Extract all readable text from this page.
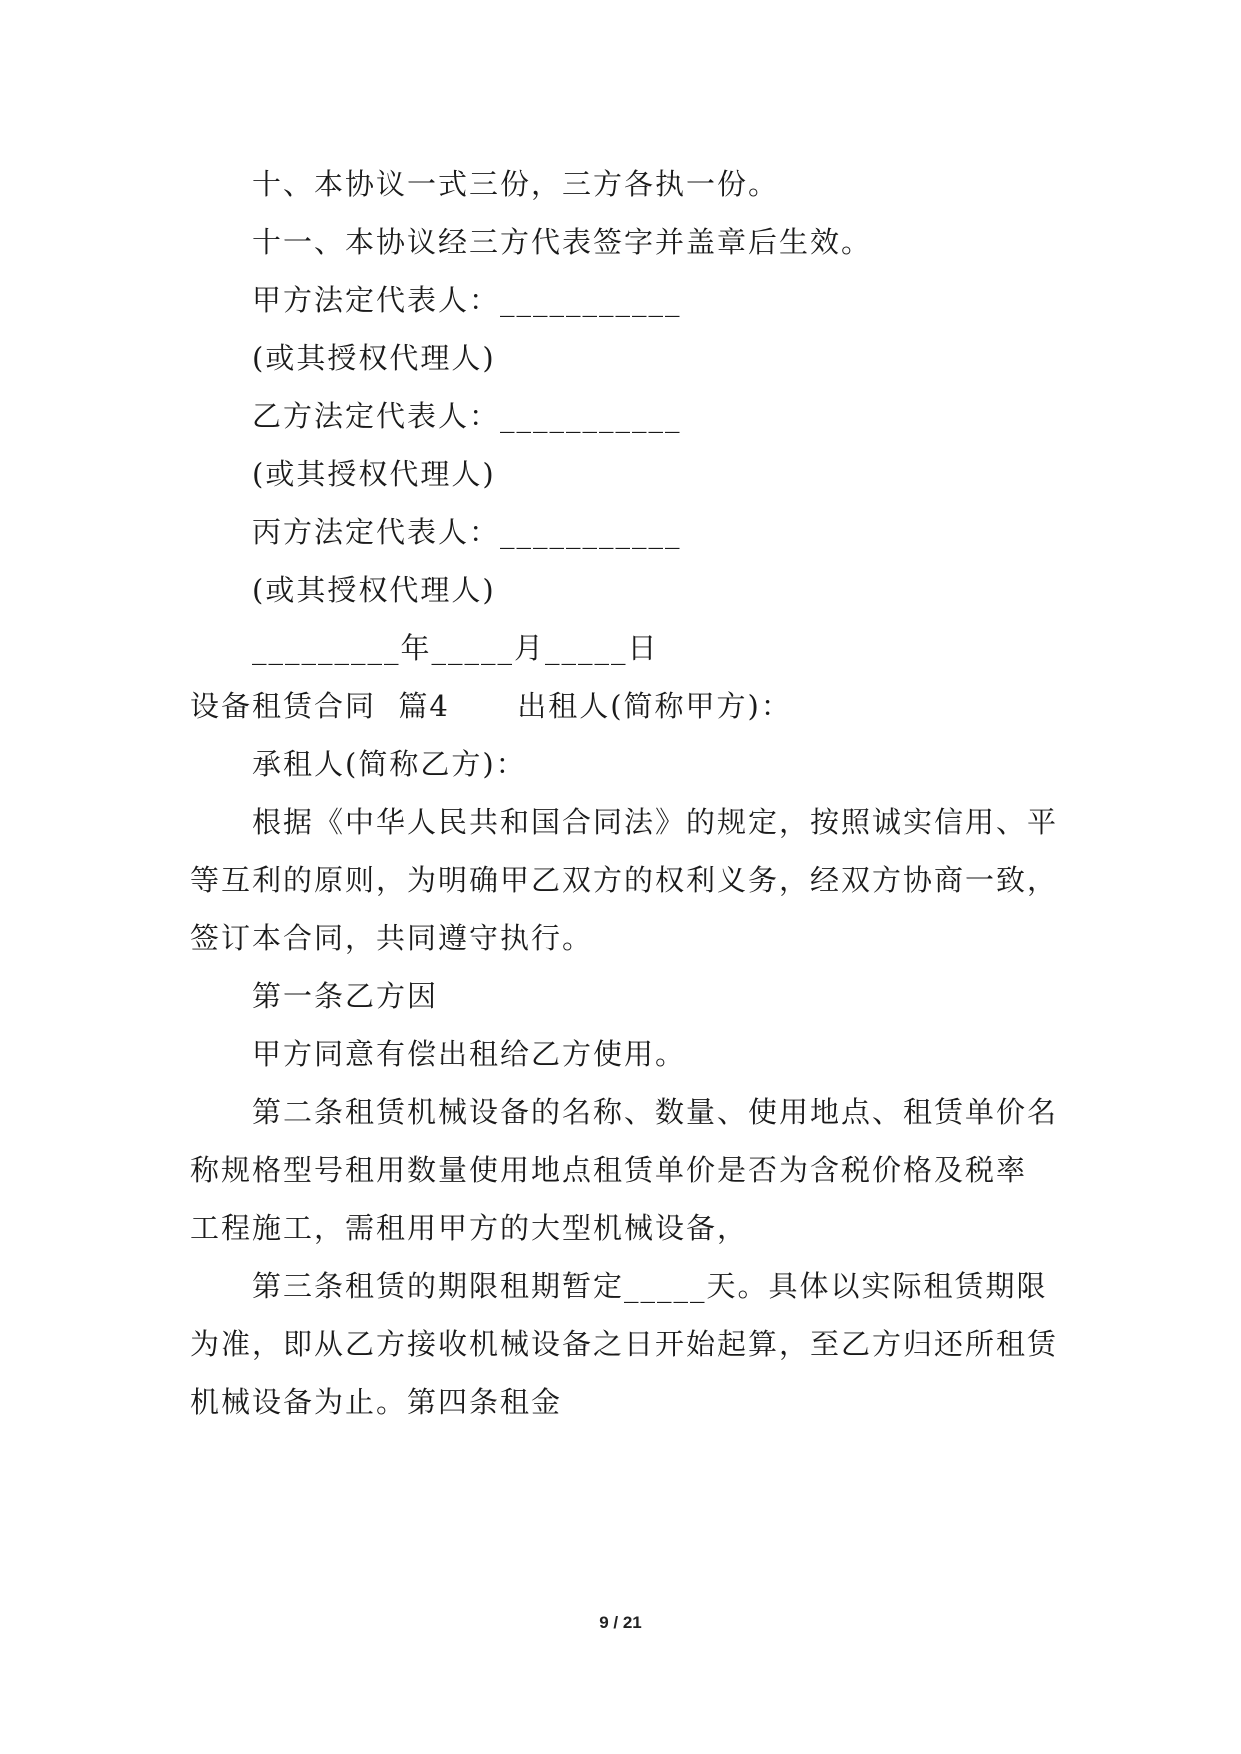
十、本协议一式三份，三方各执一份。
十一、本协议经三方代表签字并盖章后生效。
甲方法定代表人：___________
(或其授权代理人)
乙方法定代表人：___________
(或其授权代理人)
丙方法定代表人：___________
(或其授权代理人)
_________年_____月_____日
设备租赁合同  篇4      出租人(简称甲方)：
承租人(简称乙方)：
根据《中华人民共和国合同法》的规定，按照诚实信用、平
等互利的原则，为明确甲乙双方的权利义务，经双方协商一致，
签订本合同，共同遵守执行。
第一条乙方因
甲方同意有偿出租给乙方使用。
第二条租赁机械设备的名称、数量、使用地点、租赁单价名
称规格型号租用数量使用地点租赁单价是否为含税价格及税率
工程施工，需租用甲方的大型机械设备，
第三条租赁的期限租期暂定_____天。具体以实际租赁期限
为准，即从乙方接收机械设备之日开始起算，至乙方归还所租赁
机械设备为止。第四条租金
9 / 21
